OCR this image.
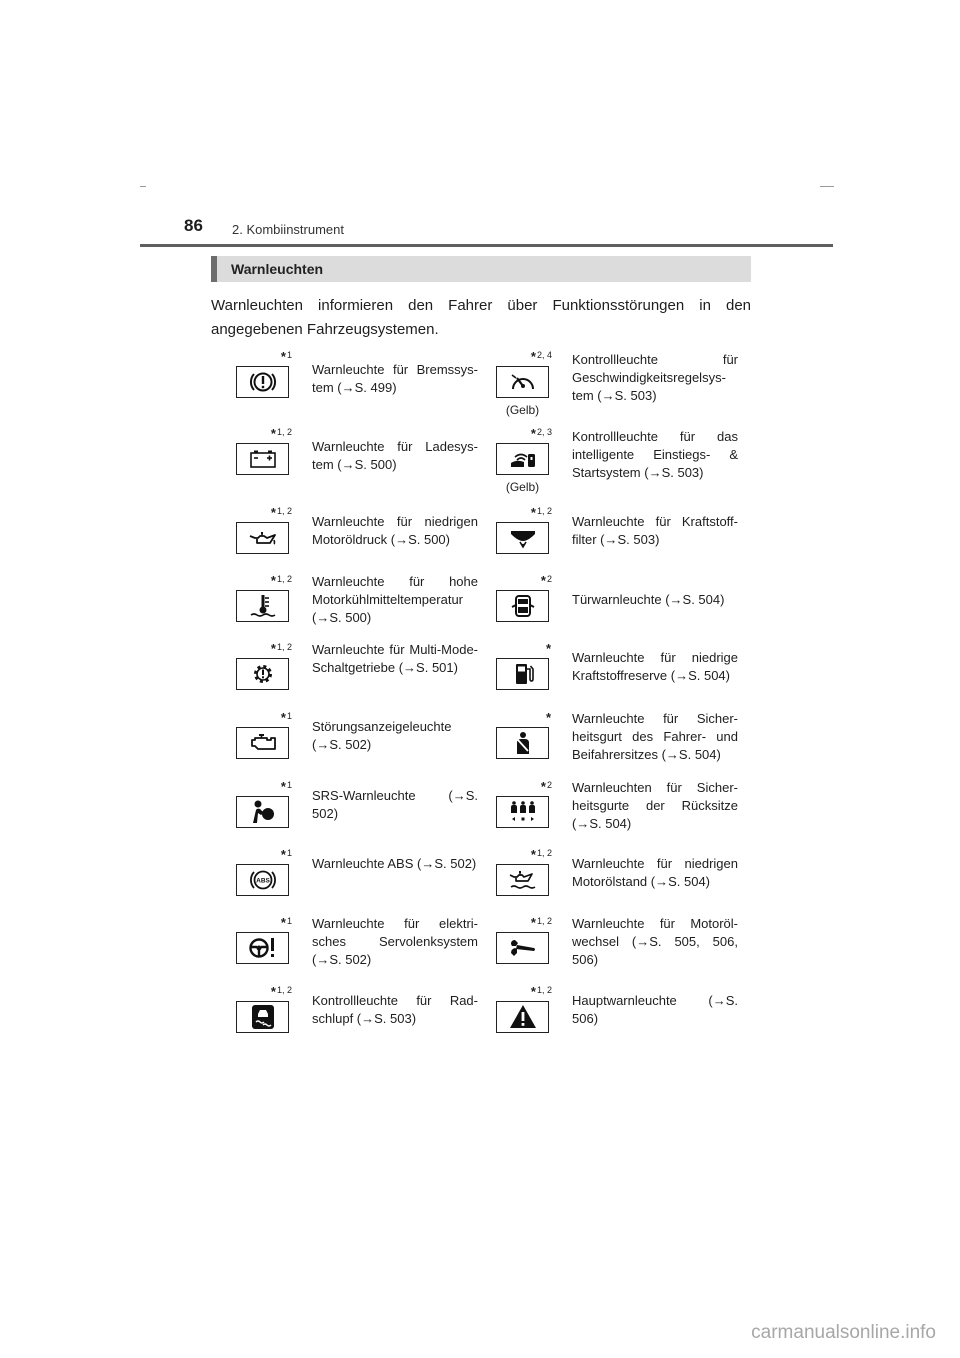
86 2. Kombiinstrument
Warnleuchten
Warnleuchten informieren den Fahrer über Funktionsstörungen in den angegebenen Fahrzeugsystemen.
*1
Warnleuchte für Bremssys-tem (→S. 499)
*2, 4
(Gelb)
Kontrollleuchte für Geschwindigkeitsregelsys-tem (→S. 503)
*1, 2
Warnleuchte für Ladesys-tem (→S. 500)
*2, 3
(Gelb)
Kontrollleuchte für das intelligente Einstiegs- & Startsystem (→S. 503)
*1, 2
Warnleuchte für niedrigen Motoröldruck (→S. 500)
*1, 2
Warnleuchte für Kraftstoff-filter (→S. 503)
*1, 2 Warnleuchte für hohe Motorkühlmitteltemperatur (→S. 500)
*2
Türwarnleuchte (→S. 504)
*1, 2 Warnleuchte für Multi-Mode-Schaltgetriebe (→S. 501)
*
Warnleuchte für niedrige Kraftstoffreserve (→S. 504)
*1
Störungsanzeigeleuchte (→S. 502)
* Warnleuchte für Sicher-heitsgurt des Fahrer- und Beifahrersitzes (→S. 504)
*1
SRS-Warnleuchte (→S. 502)
*2 Warnleuchten für Sicher-heitsgurte der Rücksitze (→S. 504)
*1
ABS
Warnleuchte ABS (→S. 502)
*1, 2
Warnleuchte für niedrigen Motorölstand (→S. 504)
*1 Warnleuchte für elektri-sches Servolenksystem (→S. 502)
*1, 2 Warnleuchte für Motoröl-wechsel (→S. 505, 506, 506)
*1, 2
Kontrollleuchte für Rad-schlupf (→S. 503)
*1, 2
Hauptwarnleuchte (→S. 506)
carmanualsonline.info
